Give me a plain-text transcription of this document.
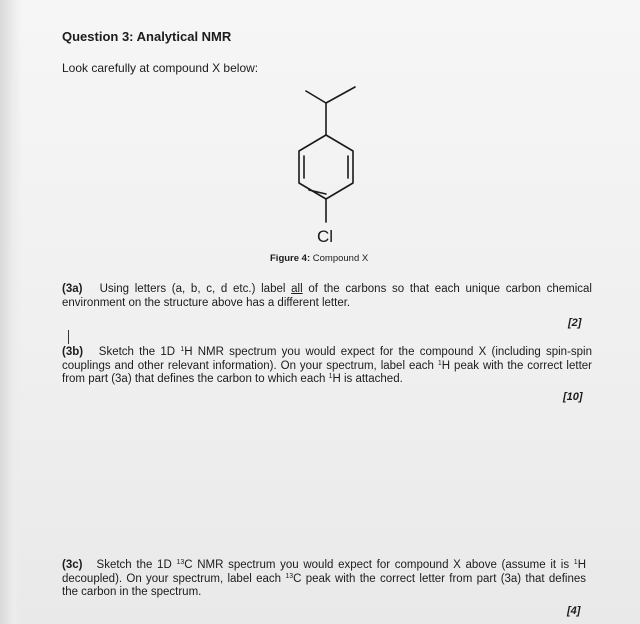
Question 3: Analytical NMR
Look carefully at compound X below:
Cl
Figure 4: Compound X
(3a) Using letters (a, b, c, d etc.) label all of the carbons so that each unique carbon chemical environment on the structure above has a different letter.
[2]
(3b) Sketch the 1D $^1$H NMR spectrum you would expect for the compound X (including spin-spin couplings and other relevant information). On your spectrum, label each $^1$H peak with the correct letter from part (3a) that defines the carbon to which each $^1$H is attached.
[10]
(3c) Sketch the 1D $^{13}$C NMR spectrum you would expect for compound X above (assume it is $^1$H decoupled). On your spectrum, label each $^{13}$C peak with the correct letter from part (3a) that defines the carbon in the spectrum.
[4]
